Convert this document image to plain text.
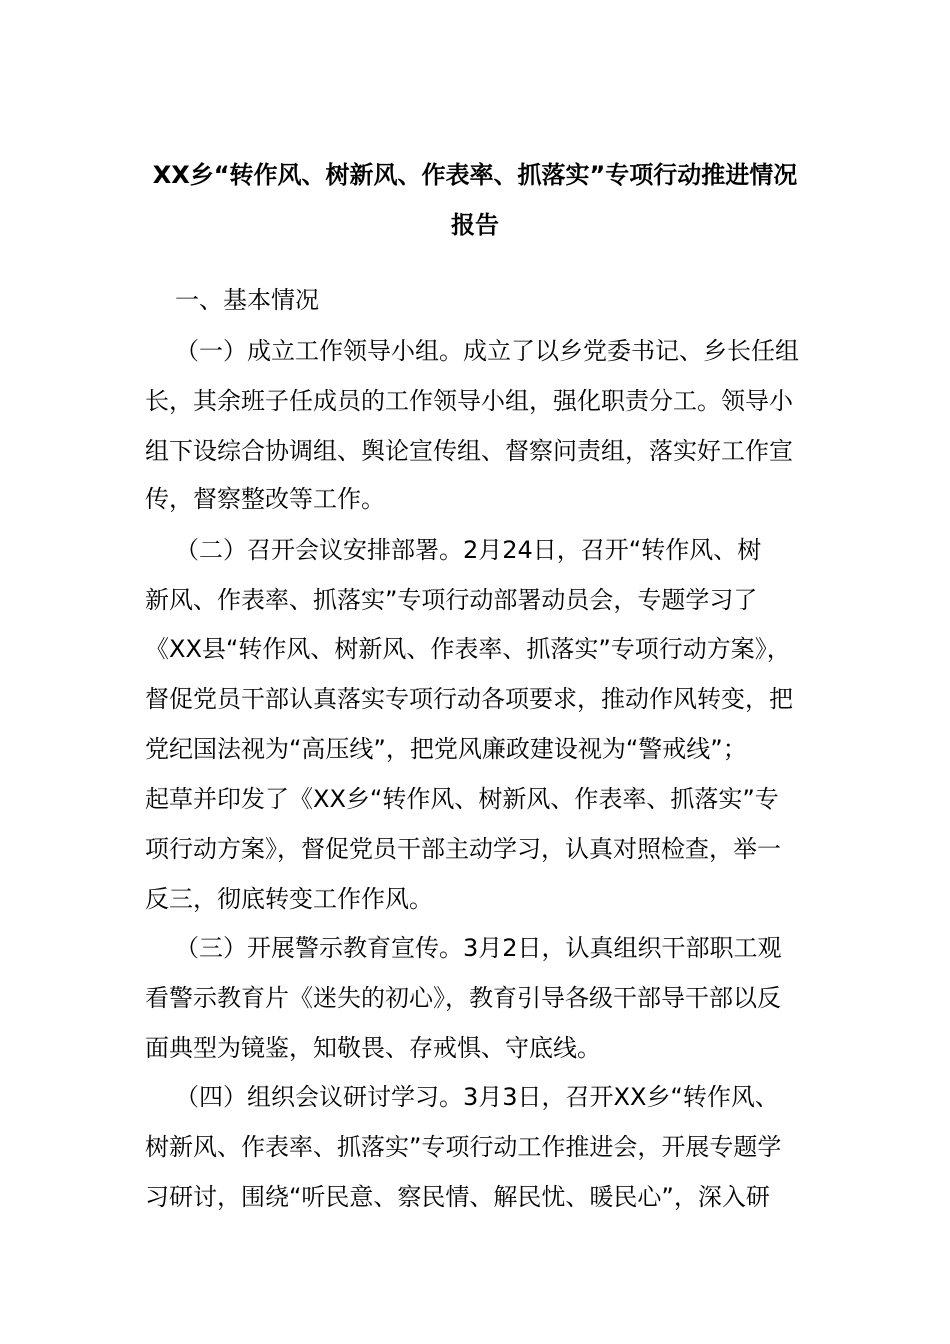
XX乡“转作风、树新风、作表率、抓落实”专项行动推进情况
报告
一、基本情况
（一）成立工作领导小组。成立了以乡党委书记、乡长任组
长，其余班子任成员的工作领导小组，强化职责分工。领导小
组下设综合协调组、舆论宣传组、督察问责组，落实好工作宣
传，督察整改等工作。
（二）召开会议安排部署。2月24日，召开“转作风、树
新风、作表率、抓落实”专项行动部署动员会，专题学习了
《XX县“转作风、树新风、作表率、抓落实”专项行动方案》，
督促党员干部认真落实专项行动各项要求，推动作风转变，把
党纪国法视为“高压线”，把党风廉政建设视为“警戒线”；
起草并印发了《XX乡“转作风、树新风、作表率、抓落实”专
项行动方案》，督促党员干部主动学习，认真对照检查，举一
反三，彻底转变工作作风。
（三）开展警示教育宣传。3月2日，认真组织干部职工观
看警示教育片《迷失的初心》，教育引导各级干部导干部以反
面典型为镜鉴，知敬畏、存戒惧、守底线。
（四）组织会议研讨学习。3月3日，召开XX乡“转作风、
树新风、作表率、抓落实”专项行动工作推进会，开展专题学
习研讨，围绕“听民意、察民情、解民忧、暖民心”，深入研
